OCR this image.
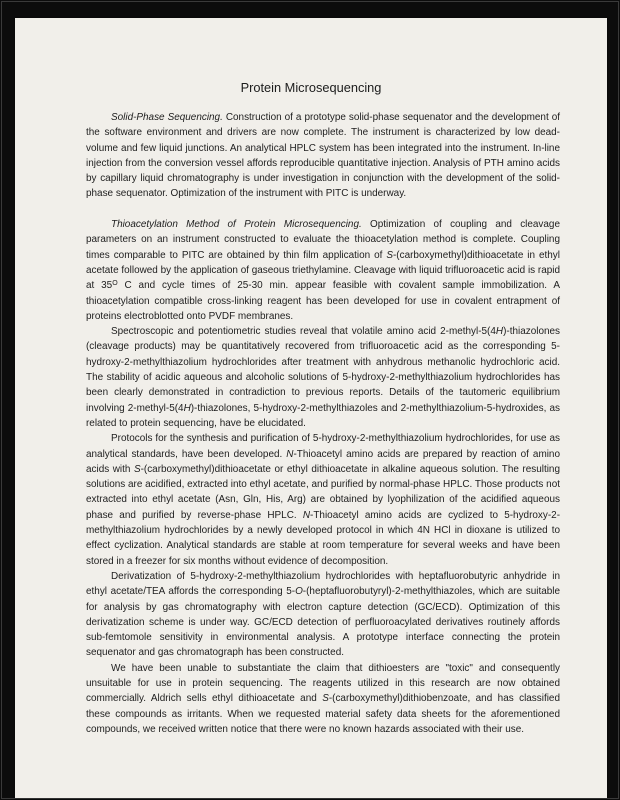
Protein Microsequencing

Solid-Phase Sequencing. Construction of a prototype solid-phase sequenator and the development of the software environment and drivers are now complete. The instrument is characterized by low dead-volume and few liquid junctions. An analytical HPLC system has been integrated into the instrument. In-line injection from the conversion vessel affords reproducible quantitative injection. Analysis of PTH amino acids by capillary liquid chromatography is under investigation in conjunction with the development of the solid-phase sequenator. Optimization of the instrument with PITC is underway.

Thioacetylation Method of Protein Microsequencing. Optimization of coupling and cleavage parameters on an instrument constructed to evaluate the thioacetylation method is complete. Coupling times comparable to PITC are obtained by thin film application of S-(carboxymethyl)dithioacetate in ethyl acetate followed by the application of gaseous triethylamine. Cleavage with liquid trifluoroacetic acid is rapid at $35^O$ C and cycle times of 25-30 min. appear feasible with covalent sample immobilization. A thioacetylation compatible cross-linking reagent has been developed for use in covalent entrapment of proteins electroblotted onto PVDF membranes.

Spectroscopic and potentiometric studies reveal that volatile amino acid 2-methyl-5(4H)-thiazolones (cleavage products) may be quantitatively recovered from trifluoroacetic acid as the corresponding 5-hydroxy-2-methylthiazolium hydrochlorides after treatment with anhydrous methanolic hydrochloric acid. The stability of acidic aqueous and alcoholic solutions of 5-hydroxy-2-methylthiazolium hydrochlorides has been clearly demonstrated in contradiction to previous reports. Details of the tautomeric equilibrium involving 2-methyl-5(4H)-thiazolones, 5-hydroxy-2-methylthiazoles and 2-methylthiazolium-5-hydroxides, as related to protein sequencing, have be elucidated.

Protocols for the synthesis and purification of 5-hydroxy-2-methylthiazolium hydrochlorides, for use as analytical standards, have been developed. N-Thioacetyl amino acids are prepared by reaction of amino acids with S-(carboxymethyl)dithioacetate or ethyl dithioacetate in alkaline aqueous solution. The resulting solutions are acidified, extracted into ethyl acetate, and purified by normal-phase HPLC. Those products not extracted into ethyl acetate (Asn, Gln, His, Arg) are obtained by lyophilization of the acidified aqueous phase and purified by reverse-phase HPLC. N-Thioacetyl amino acids are cyclized to 5-hydroxy-2-methylthiazolium hydrochlorides by a newly developed protocol in which 4N HCl in dioxane is utilized to effect cyclization. Analytical standards are stable at room temperature for several weeks and have been stored in a freezer for six months without evidence of decomposition.

Derivatization of 5-hydroxy-2-methylthiazolium hydrochlorides with heptafluorobutyric anhydride in ethyl acetate/TEA affords the corresponding 5-O-(heptafluorobutyryl)-2-methylthiazoles, which are suitable for analysis by gas chromatography with electron capture detection (GC/ECD). Optimization of this derivatization scheme is under way. GC/ECD detection of perfluoroacylated derivatives routinely affords sub-femtomole sensitivity in environmental analysis. A prototype interface connecting the protein sequenator and gas chromatograph has been constructed.

We have been unable to substantiate the claim that dithioesters are "toxic" and consequently unsuitable for use in protein sequencing. The reagents utilized in this research are now obtained commercially. Aldrich sells ethyl dithioacetate and S-(carboxymethyl)dithiobenzoate, and has classified these compounds as irritants. When we requested material safety data sheets for the aforementioned compounds, we received written notice that there were no known hazards associated with their use.
